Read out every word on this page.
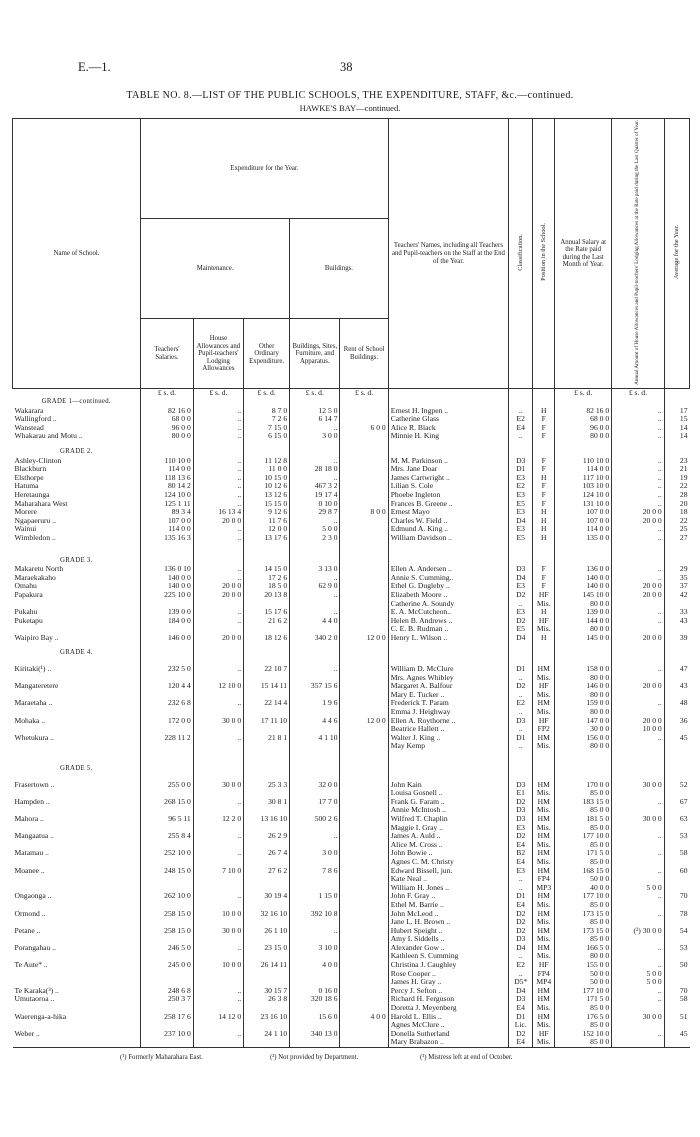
E.—1.	38
TABLE NO. 8.—LIST OF THE PUBLIC SCHOOLS, THE EXPENDITURE, STAFF, &c.—continued.
HAWKE'S BAY—continued.
Name of School.	Expenditure for the Year.					Teachers' Names, including all Teachers and Pupil-teachers on the Staff at the End of the Year.	Classification.	Position in the School.	Annual Salary at the Rate paid during the Last Month of Year.	Annual Amount of House Allowances and Pupil-teachers' Lodging Allowances at the Rate paid during the Last Quarter of Year.	Average for the Year.
	Maintenance.			Buildings.							
	Teachers' Salaries.	House Allowances and Pupil-teachers' Lodging Allowances	Other Ordinary Expenditure.	Buildings, Sites, Furniture, and Apparatus.	Rent of School Buildings.						
	£ s. d.	£ s. d.	£ s. d.	£ s. d.	£ s. d.				£ s. d.	£ s. d.	
GRADE 1—continued.											
Wakarara	82 16 0	..	8 7 0	12 5 0		Ernest H. Ingpen ..	..	H	82 16 0	..	17
Wallingford ..	68 0 0	..	7 2 6	6 14 7		Catherine Glass	E2	F	68 0 0	..	15
Wanstead	96 0 0	..	7 15 0	..	6 0 0	Alice R. Black	E4	F	96 0 0	..	14
Whakarau and Motu ..	80 0 0	..	6 15 0	3 0 0		Minnie H. King	..	F	80 0 0	..	14

GRADE 2.											
Ashley-Clinton	110 10 0	..	11 12 8	..		M. M. Parkinson ..	D3	F	110 10 0	..	23
Blackburn	114 0 0	..	11 0 0	28 18 0		Mrs. Jane Doar	D1	F	114 0 0	..	21
Elsthorpe	118 13 6	..	10 15 0	..		James Cartwright ..	E3	H	117 10 0	..	19
Hatuma	80 14 2	..	10 12 6	467 3 2		Lilian S. Cole	E2	F	103 10 0	..	22
Heretaunga	124 10 0	..	13 12 6	19 17 4		Phoebe Ingleton	E3	F	124 10 0	..	28
Maharahara West	125 1 11	..	15 15 0	0 10 0		Frances B. Greene ..	E5	F	131 10 0	..	20
Morere	89 3 4	16 13 4	9 12 6	29 8 7	8 0 0	Ernest Mayo	E3	H	107 0 0	20 0 0	18
Ngapaeruru ..	107 0 0	20 0 0	11 7 6	..		Charles W. Field ..	D4	H	107 0 0	20 0 0	22
Wainui	114 0 0	..	12 0 0	5 0 0		Edmund A. King ..	E3	H	114 0 0	..	25
Wimbledon ..	135 16 3	..	13 17 6	2 3 0		William Davidson ..	E5	H	135 0 0	..	27

GRADE 3.											
Makaretu North	136 0 10	..	14 15 0	3 13 0		Ellen A. Andersen ..	D3	F	136 0 0	..	29
Maraekakaho	140 0 0	..	17 2 6	..		Annie S. Cumming..	D4	F	140 0 0	..	35
Omahu	140 0 0	20 0 0	18 5 0	62 9 0		Ethel G. Dugleby ..	E3	F	140 0 0	20 0 0	37
Papakura	225 10 0	20 0 0	20 13 8	..		Elizabeth Moore ..	D2	HF	145 10 0	20 0 0	42
						Catherine A. Soundy	..	Mis.	80 0 0		
Pukahu	139 0 0	..	15 17 6	..		E. A. McCutcheon..	E3	H	139 0 0	..	33
Puketapu	184 0 0	..	21 6 2	4 4 0		Helen B. Andrews ..	D2	HF	144 0 0	..	43
						C. E. B. Rudman ..	E5	Mis.	80 0 0		
Waipiro Bay ..	146 0 0	20 0 0	18 12 6	340 2 0	12 0 0	Henry L. Wilson ..	D4	H	145 0 0	20 0 0	39

GRADE 4.											

Kiritaki(¹) ..	232 5 0	..	22 10 7	..		William D. McClure	D1	HM	158 0 0	..	47
						Mrs. Agnes Whibley	..	Mis.	80 0 0		
Mangateretere	120 4 4	12 10 0	15 14 11	357 15 6		Margaret A. Balfour	D2	HF	146 0 0	20 0 0	43
						Mary E. Tucker ..	..	Mis.	80 0 0		
Maraetaha ..	232 6 8	..	22 14 4	1 9 6		Frederick T. Param	E2	HM	159 0 0	..	48
						Emma J. Heighway	..	Mis.	80 0 0		
Mohaka ..	172 0 0	30 0 0	17 11 10	4 4 6	12 0 0	Ellen A. Roythorne ..	D3	HF	147 0 0	20 0 0	36
						Beatrice Hallett ..	..	FP2	30 0 0	10 0 0	
Whetukura ..	228 11 2	..	21 8 1	4 1 10		Walter J. King ..	D1	HM	156 0 0	..	45
						May Kemp	..	Mis.	80 0 0		

GRADE 5.											

Frasertown ..	255 0 0	30 0 0	25 3 3	32 0 0		John Kain	D3	HM	170 0 0	30 0 0	52
						Louisa Gosnell ..	E1	Mis.	85 0 0		
Hampden ..	268 15 0	..	30 8 1	17 7 0		Frank G. Faram ..	D2	HM	183 15 0	..	67
						Annie McIntosh ..	D3	Mis.	85 0 0		
Mahora ..	96 5 11	12 2 0	13 16 10	500 2 6		Wilfred T. Chaplin	D3	HM	181 5 0	30 0 0	63
						Maggie I. Gray ..	E3	Mis.	85 0 0		
Mangaatua ..	255 8 4	..	26 2 9	..		James A. Auld ..	D2	HM	177 10 0	..	53
						Alice M. Cross ..	E4	Mis.	85 0 0		
Matamau ..	252 10 0	..	26 7 4	3 0 0		John Bowie ..	B2	HM	171 5 0	..	58
						Agnes C. M. Christy	E4	Mis.	85 0 0		
Moanee ..	248 15 0	7 10 0	27 6 2	7 8 6		Edward Bissell, jun.	E3	HM	168 15 0	..	60
						Kate Neal ..	..	FP4	50 0 0		
						William H. Jones ..	..	MP3	40 0 0	5 0 0	
Ongaonga ..	262 10 0	..	30 19 4	1 15 0		John F. Gray ..	D1	HM	177 10 0	..	70
						Ethel M. Barrie ..	E4	Mis.	85 0 0		
Ormond ..	258 15 0	10 0 0	32 16 10	392 10 8		John McLeod ..	D2	HM	173 15 0	..	78
						Jane L. H. Brown ..	D2	Mis.	85 0 0		
Petane ..	258 15 0	30 0 0	26 1 10	..		Hubert Speight ..	D2	HM	173 15 0	(²) 30 0 0	54
						Amy I. Siddells ..	D3	Mis.	85 0 0		
Porangahau ..	246 5 0	..	23 15 0	3 10 0		Alexander Gow ..	D4	HM	166 5 0	..	53
						Kathleen S. Cumming	..	Mis.	80 0 0		
Te Aute* ..	245 0 0	10 0 0	26 14 11	4 0 0		Christina J. Caughley	E2	HF	155 0 0	..	50
						Rose Cooper ..	..	FP4	50 0 0	5 0 0	
						James H. Gray ..	D5*	MP4	50 0 0	5 0 0	
Te Karaka(³) ..	248 6 8	..	30 15 7	0 16 0		Percy J. Sefton ..	D4	HM	177 10 0	..	70
Umutaoroa ..	250 3 7	..	26 3 8	320 18 6		Richard H. Ferguson	D3	HM	171 5 0	..	58
						Doretta J. Meyenberg	E4	Mis.	85 0 0		
Waerenga-a-hika	258 17 6	14 12 0	23 16 10	15 6 0	4 0 0	Harold L. Ellis ..	D1	HM	176 5 0	30 0 0	51
						Agnes McClure ..	Lic.	Mis.	85 0 0		
Weber ..	237 10 0	..	24 1 10	340 13 0		Donella Sutherland	D2	HF	152 10 0	..	45
						Mary Brabazon ..	E4	Mis.	85 0 0		
(¹) Formerly Maharahara East.	(²) Not provided by Department.	(³) Mistress left at end of October.
